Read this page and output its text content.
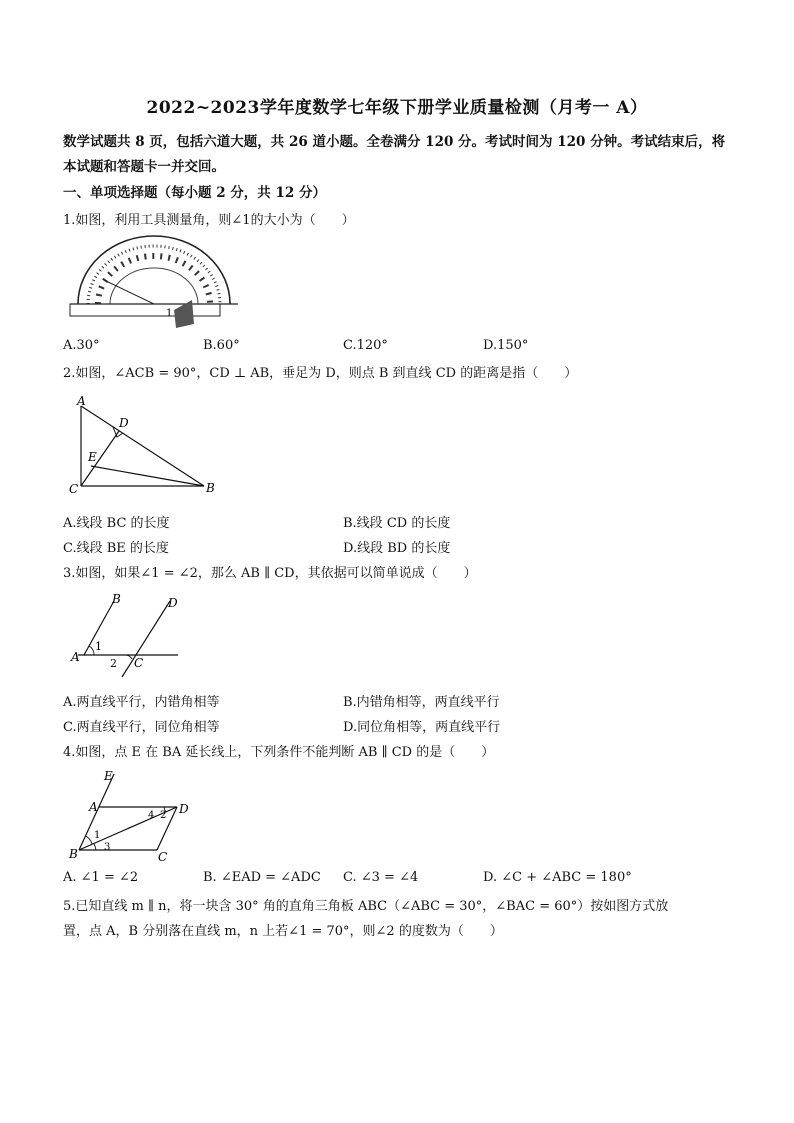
2022~2023学年度数学七年级下册学业质量检测（月考一 A）
数学试题共 8 页，包括六道大题，共 26 道小题。全卷满分 120 分。考试时间为 120 分钟。考试结束后，将本试题和答题卡一并交回。
一、单项选择题（每小题 2 分，共 12 分）
1.如图，利用工具测量角，则∠1的大小为（　　）
1
A.30°	B.60°	C.120°	D.150°
2.如图，∠ACB = 90°，CD ⊥ AB，垂足为 D，则点 B 到直线 CD 的距离是指（　　）
A
D
E
C	B
A.线段 BC 的长度	B.线段 CD 的长度
C.线段 BE 的长度	D.线段 BD 的长度
3.如图，如果∠1 = ∠2，那么 AB ∥ CD，其依据可以简单说成（　　）
B	D
A
1
2 C
A.两直线平行，内错角相等	B.内错角相等，两直线平行
C.两直线平行，同位角相等	D.同位角相等，两直线平行
4.如图，点 E 在 BA 延长线上，下列条件不能判断 AB ∥ CD 的是（　　）
E
A	D
4 2
1
3
B	C
A. ∠1 = ∠2	B. ∠EAD = ∠ADC C. ∠3 = ∠4	D. ∠C + ∠ABC = 180°
5.已知直线 m ∥ n，将一块含 30° 角的直角三角板 ABC（∠ABC = 30°，∠BAC = 60°）按如图方式放
置，点 A，B 分别落在直线 m，n 上若∠1 = 70°，则∠2 的度数为（　　）
